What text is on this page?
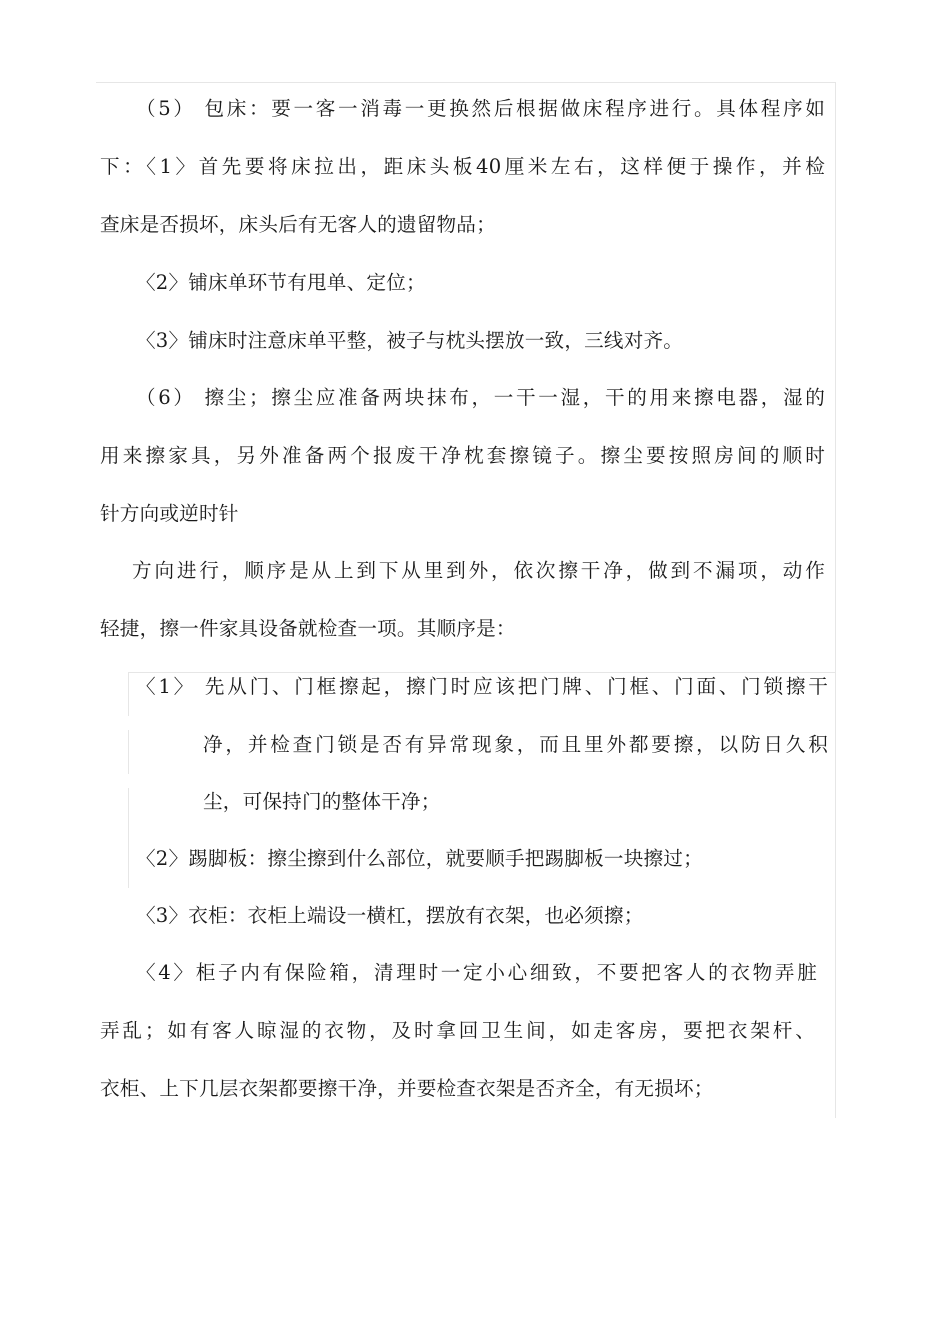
（5） 包床：要一客一消毒一更换然后根据做床程序进行。具体程序如
下：〈1〉首先要将床拉出，距床头板40厘米左右，这样便于操作，并检
查床是否损坏，床头后有无客人的遗留物品；
〈2〉铺床单环节有甩单、定位；
〈3〉铺床时注意床单平整，被子与枕头摆放一致，三线对齐。
（6） 擦尘；擦尘应准备两块抹布，一干一湿，干的用来擦电器，湿的
用来擦家具，另外准备两个报废干净枕套擦镜子。擦尘要按照房间的顺时
针方向或逆时针
方向进行，顺序是从上到下从里到外，依次擦干净，做到不漏项，动作
轻捷，擦一件家具设备就检查一项。其顺序是：
〈1〉 先从门、门框擦起，擦门时应该把门牌、门框、门面、门锁擦干
净，并检查门锁是否有异常现象，而且里外都要擦，以防日久积
尘，可保持门的整体干净；
〈2〉踢脚板：擦尘擦到什么部位，就要顺手把踢脚板一块擦过；
〈3〉衣柜：衣柜上端设一横杠，摆放有衣架，也必须擦；
〈4〉柜子内有保险箱，清理时一定小心细致，不要把客人的衣物弄脏
弄乱；如有客人晾湿的衣物，及时拿回卫生间，如走客房，要把衣架杆、
衣柜、上下几层衣架都要擦干净，并要检查衣架是否齐全，有无损坏；
